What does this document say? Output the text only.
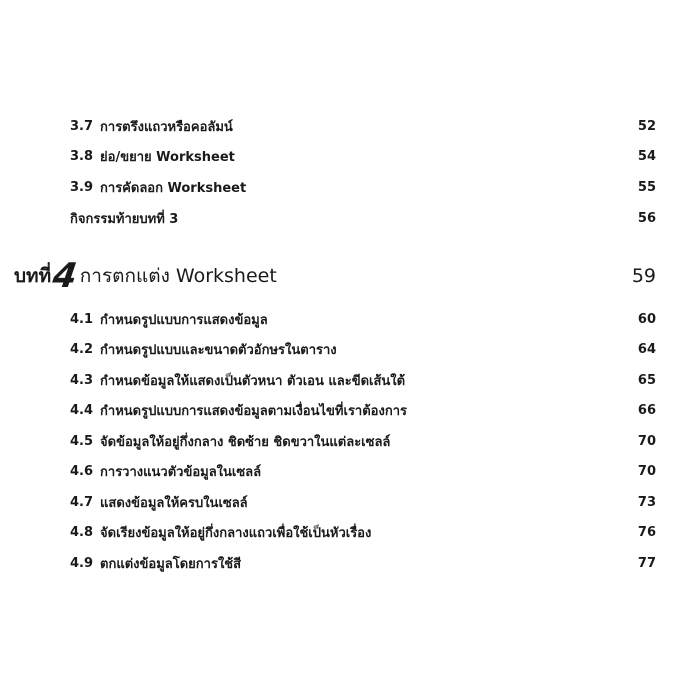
3.7 การตรึงแถวหรือคอลัมน์	52
3.8 ย่อ/ขยาย Worksheet	54
3.9 การคัดลอก Worksheet	55
กิจกรรมท้ายบทที่ 3	56
บทที่ 4 การตกแต่ง Worksheet	59
4.1 กำหนดรูปแบบการแสดงข้อมูล	60
4.2 กำหนดรูปแบบและขนาดตัวอักษรในตาราง	64
4.3 กำหนดข้อมูลให้แสดงเป็นตัวหนา ตัวเอน และขีดเส้นใต้	65
4.4 กำหนดรูปแบบการแสดงข้อมูลตามเงื่อนไขที่เราต้องการ	66
4.5 จัดข้อมูลให้อยู่กึ่งกลาง ชิดซ้าย ชิดขวาในแต่ละเซลล์	70
4.6 การวางแนวตัวข้อมูลในเซลล์	70
4.7 แสดงข้อมูลให้ครบในเซลล์	73
4.8 จัดเรียงข้อมูลให้อยู่กึ่งกลางแถวเพื่อใช้เป็นหัวเรื่อง	76
4.9 ตกแต่งข้อมูลโดยการใช้สี	77
